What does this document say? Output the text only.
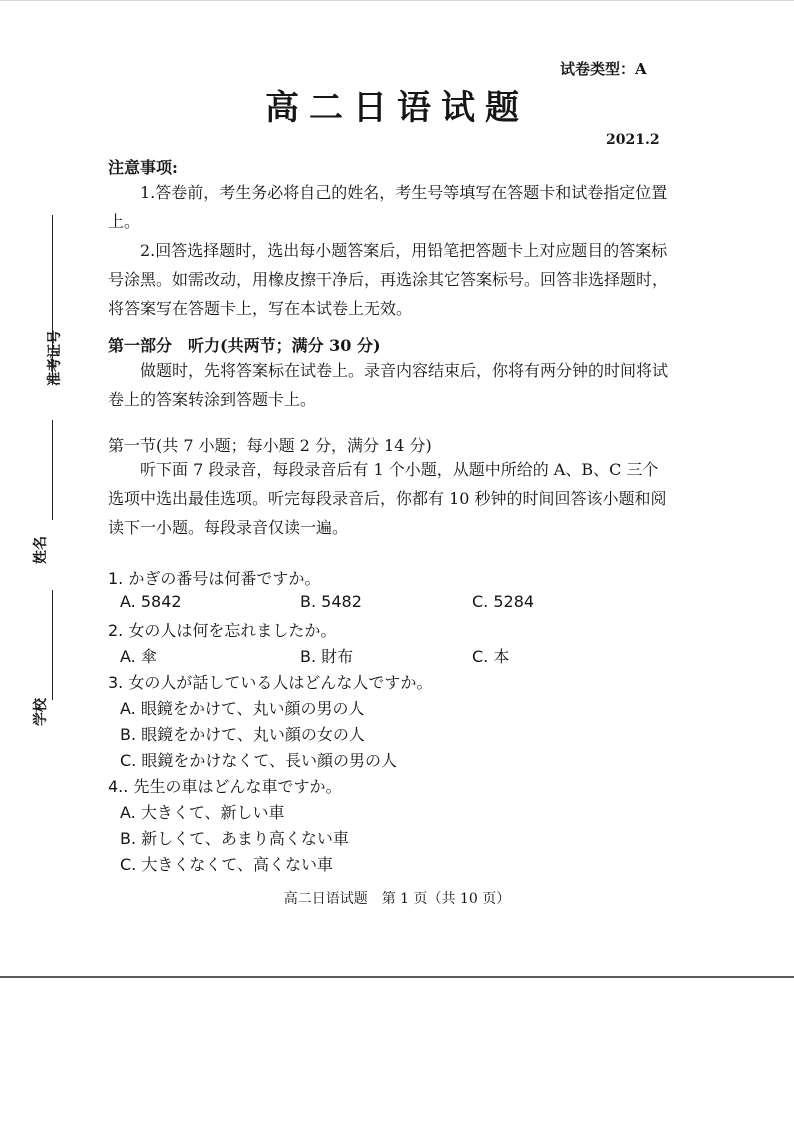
准考证号
姓名
学校
试卷类型：A
高二日语试题
2021.2
注意事项:
1.答卷前，考生务必将自己的姓名，考生号等填写在答题卡和试卷指定位置上。
2.回答选择题时，选出每小题答案后，用铅笔把答题卡上对应题目的答案标号涂黑。如需改动，用橡皮擦干净后，再选涂其它答案标号。回答非选择题时，将答案写在答题卡上，写在本试卷上无效。
第一部分　听力(共两节；满分 30 分)
做题时，先将答案标在试卷上。录音内容结束后，你将有两分钟的时间将试卷上的答案转涂到答题卡上。
第一节(共 7 小题；每小题 2 分，满分 14 分)
听下面 7 段录音，每段录音后有 1 个小题，从题中所给的 A、B、C 三个选项中选出最佳选项。听完每段录音后，你都有 10 秒钟的时间回答该小题和阅读下一小题。每段录音仅读一遍。
1. かぎの番号は何番ですか。
A. 5842	B. 5482	C. 5284
2. 女の人は何を忘れましたか。
A. 傘	B. 財布	C. 本
3. 女の人が話している人はどんな人ですか。
A. 眼鏡をかけて、丸い顔の男の人
B. 眼鏡をかけて、丸い顔の女の人
C. 眼鏡をかけなくて、長い顔の男の人
4.. 先生の車はどんな車ですか。
A. 大きくて、新しい車
B. 新しくて、あまり高くない車
C. 大きくなくて、高くない車
高二日语试题　第 1 页（共 10 页）
